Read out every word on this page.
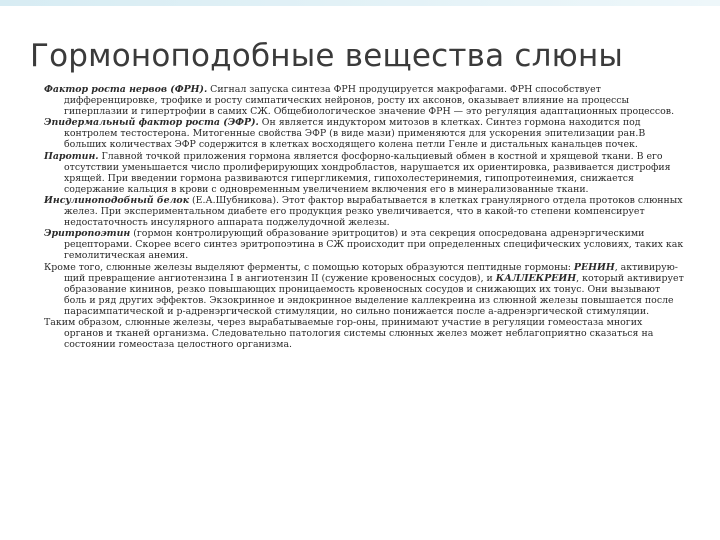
Гормоноподобные вещества слюны

Фактор роста нервов (ФРН). Сигнал запуска синтеза ФРН продуцируется макрофагами. ФРН способствует дифференцировке, трофике и росту симпатических нейронов, росту их аксонов, оказывает влияние на процессы гиперплазии и гипертрофии в самих СЖ. Общебиологическое значение ФРН — это регуляция адаптационных процессов.

Эпидермальный фактор роста (ЭФР). Он является индуктором митозов в клетках. Синтез гормона находится под контролем тестостерона. Митогенные свойства ЭФР (в виде мази) применяются для ускорения эпителизации ран.В больших количествах ЭФР содержится в клетках восходящего колена петли Генле и дистальных канальцев почек.

Паротин. Главной точкой приложения гормона является фосфорно-кальциевый обмен в костной и хрящевой ткани. В его отсутствии уменьшается число пролиферирующих хондробластов, нарушается их ориентировка, развивается дистрофия хрящей. При введении гормона развиваются гипергликемия, гипохолестеринемия, гипопротеинемия, снижается содержание кальция в крови с одновременным увеличением включения его в минерализованные ткани.

Инсулиноподобный белок (Е.А.Шубникова). Этот фактор вырабатывается в клетках гранулярного отдела протоков слюнных желез. При экспериментальном диабете его продукция резко увеличивается, что в какой-то степени компенсирует недостаточность инсулярного аппарата поджелудочной железы.

Эритропоэтин (гормон контролирующий образование эритроцитов) и эта секреция опосредована адренэргическими рецепторами. Скорее всего синтез эритропоэтина в СЖ происходит при определенных специфических условиях, таких как гемолитическая анемия.

Кроме того, слюнные железы выделяют ферменты, с помощью которых образуются пептидные гормоны: РЕНИН, активирую-щий превращение ангиотензина I в ангиотензин II (сужение кровеносных сосудов), и КАЛЛЕКРЕИН, который активирует образование кининов, резко повышающих проницаемость кровеносных сосудов и снижающих их тонус. Они вызывают боль и ряд других эффектов. Экзокринное и эндокринное выделение каллекреина из слюнной железы повышается после парасимпатической и р-адренэргической стимуляции, но сильно понижается после а-адренэргической стимуляции.

Таким образом, слюнные железы, через вырабатываемые гор-оны, принимают участие в регуляции гомеостаза многих органов и тканей организма. Следовательно патология системы слюнных желез может неблагоприятно сказаться на состоянии гомеостаза целостного организма.
